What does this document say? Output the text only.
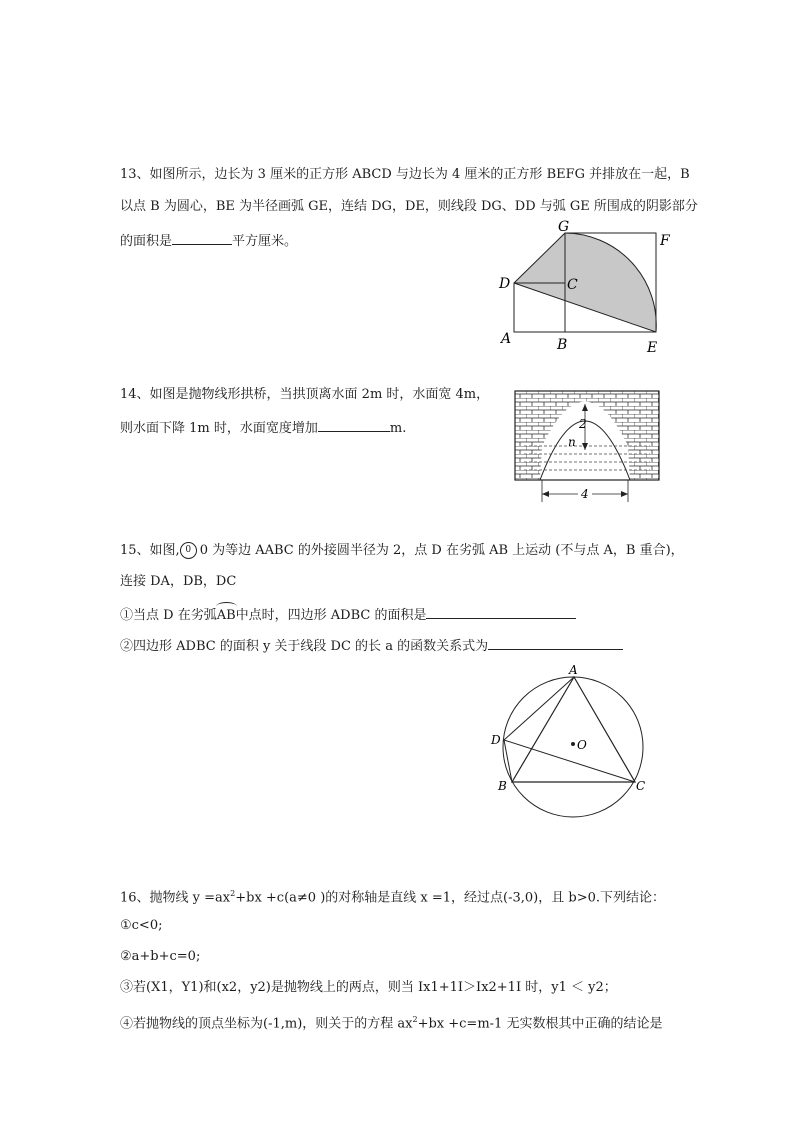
13、如图所示，边长为 3 厘米的正方形 ABCD 与边长为 4 厘米的正方形 BEFG 并排放在一起，B
以点 B 为圆心，BE 为半径画弧 GE，连结 DG，DE，则线段 DG、DD 与弧 GE 所围成的阴影部分
的面积是	平方厘米。
G
F
D	C
A	B	E
14、如图是抛物线形拱桥，当拱顶离水面 2m 时，水面宽 4m，
则水面下降 1m 时，水面宽度增加	m.	2
n
4
15、如图, 0 0 为等边 AABC 的外接圆半径为 2，点 D 在劣弧 AB 上运动 (不与点 A，B 重合)，
连接 DA，DB，DC
①当点 D 在劣弧AB中点时，四边形 ADBC 的面积是
②四边形 ADBC 的面积 y 关于线段 DC 的长 a 的函数关系式为
A
D	O
B	C
16、抛物线 $y =ax^2+bx +c(a\ne 0$ )的对称轴是直线 x =1，经过点(-3,0)，且 b>0.下列结论：
①c<0;
②a+b+c=0;
③若(X1，Y1)和(x2，y2)是抛物线上的两点，则当 Ix1+1I＞Ix2+1I 时，y1 ＜ y2；
④若抛物线的顶点坐标为(-1,m)，则关于的方程 $ax^2+bx +c=m-1$ 无实数根其中正确的结论是
